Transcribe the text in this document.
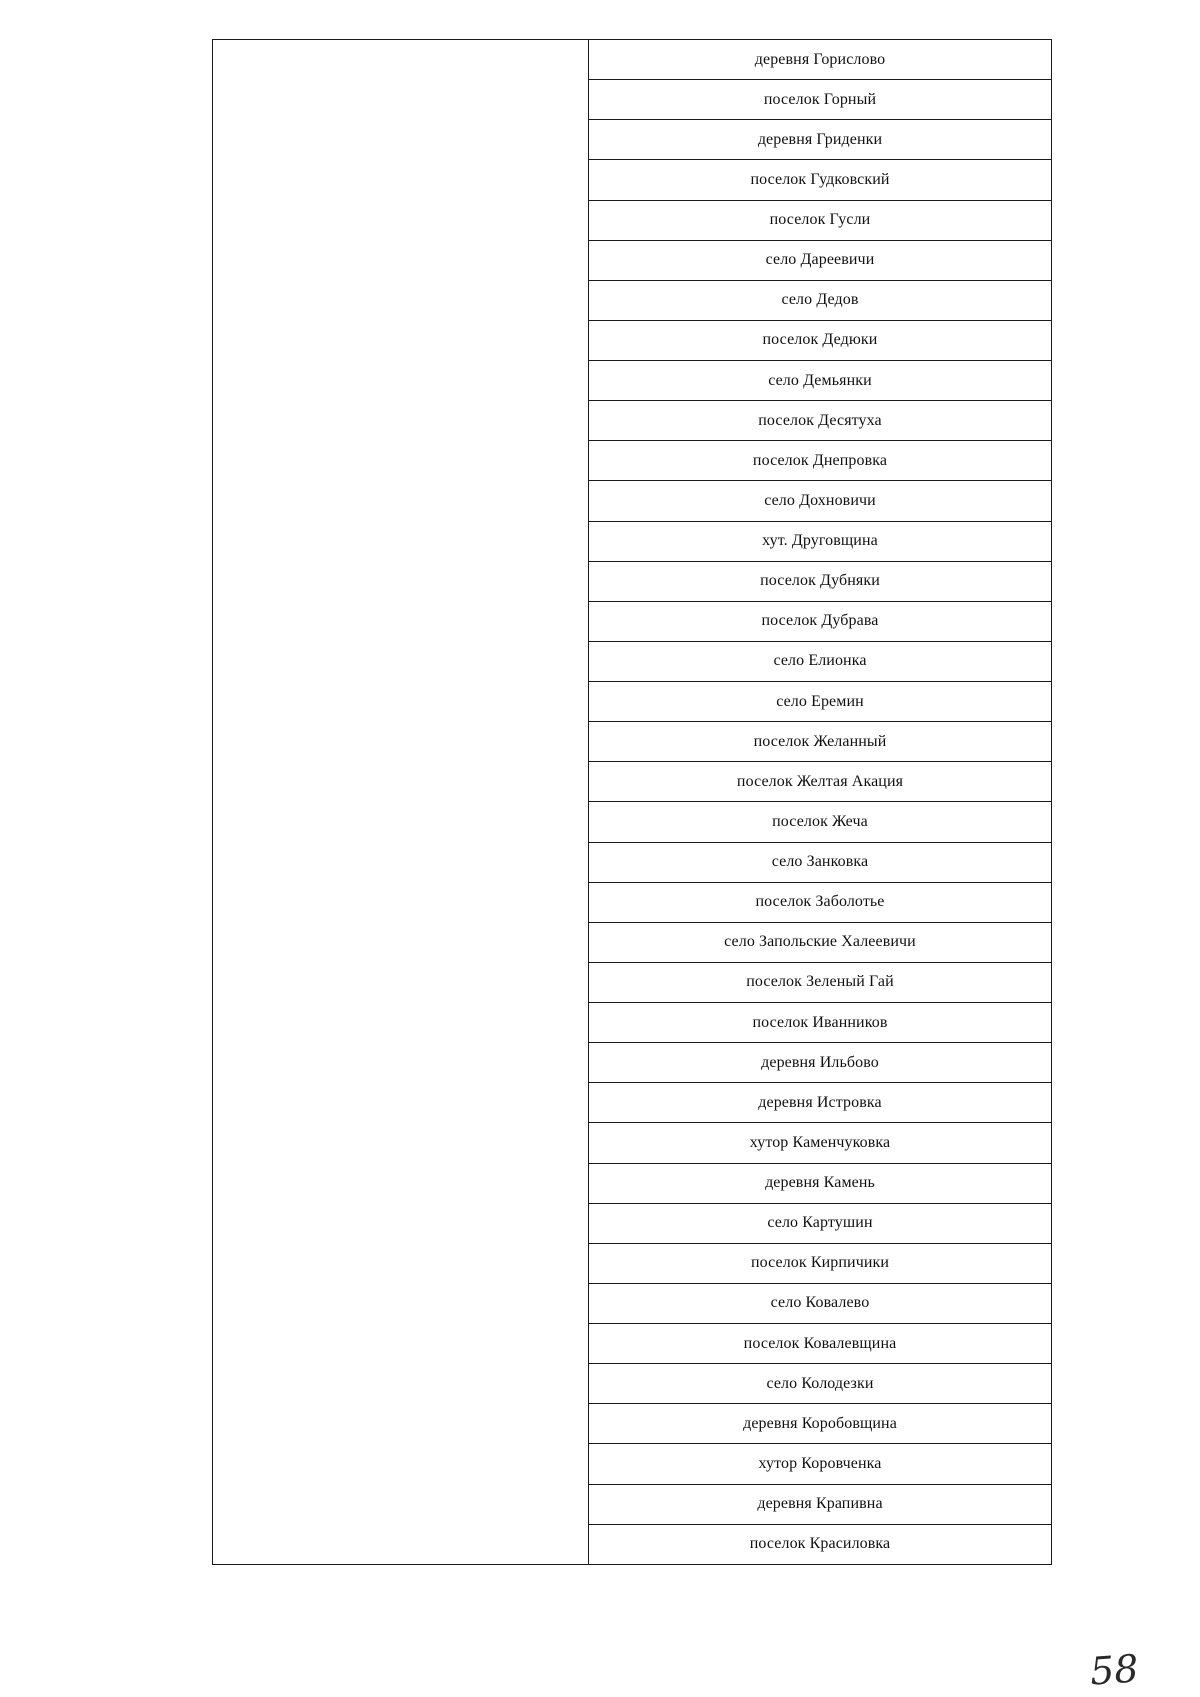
деревня Горислово
поселок Горный
деревня Гриденки
поселок Гудковский
поселок Гусли
село Дареевичи
село Дедов
поселок Дедюки
село Демьянки
поселок Десятуха
поселок Днепровка
село Дохновичи
хут. Друговщина
поселок Дубняки
поселок Дубрава
село Елионка
село Еремин
поселок Желанный
поселок Желтая Акация
поселок Жеча
село Занковка
поселок Заболотье
село Запольские Халеевичи
поселок Зеленый Гай
поселок Иванников
деревня Ильбово
деревня Истровка
хутор Каменчуковка
деревня Камень
село Картушин
поселок Кирпичики
село Ковалево
поселок Ковалевщина
село Колодезки
деревня Коробовщина
хутор Коровченка
деревня Крапивна
поселок Красиловка
58
